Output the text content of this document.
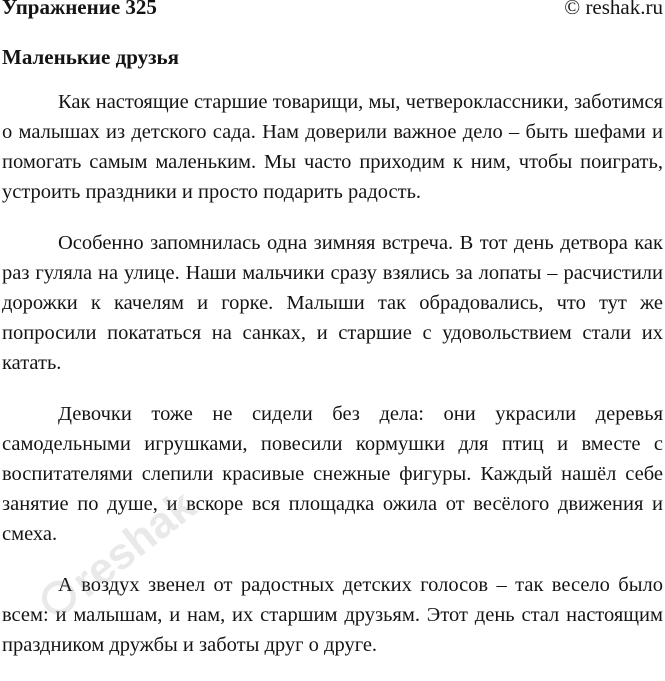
Упражнение 325	© reshak.ru
Маленькие друзья

Как настоящие старшие товарищи, мы, четвероклассники, заботимся о малышах из детского сада. Нам доверили важное дело – быть шефами и помогать самым маленьким. Мы часто приходим к ним, чтобы поиграть, устроить праздники и просто подарить радость.

Особенно запомнилась одна зимняя встреча. В тот день детвора как раз гуляла на улице. Наши мальчики сразу взялись за лопаты – расчистили дорожки к качелям и горке. Малыши так обрадовались, что тут же попросили покататься на санках, и старшие с удовольствием стали их катать.

Девочки тоже не сидели без дела: они украсили деревья самодельными игрушками, повесили кормушки для птиц и вместе с воспитателями слепили красивые снежные фигуры. Каждый нашёл себе занятие по душе, и вскоре вся площадка ожила от весёлого движения и смеха.

А воздух звенел от радостных детских голосов – так весело было всем: и малышам, и нам, их старшим друзьям. Этот день стал настоящим праздником дружбы и заботы друг о друге.

reshak
